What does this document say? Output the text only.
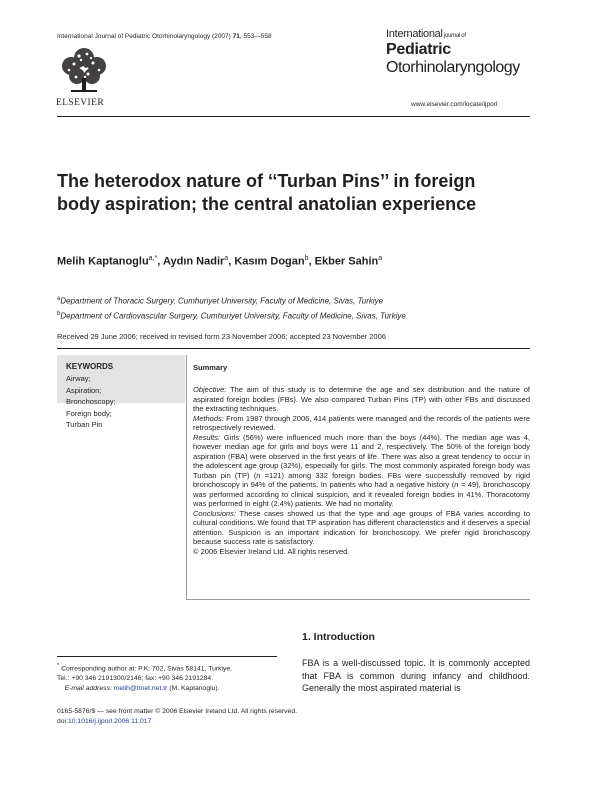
International Journal of Pediatric Otorhinolaryngology (2007) 71, 553—558
ELSEVIER
International journal of
Pediatric
Otorhinolaryngology
www.elsevier.com/locate/ijporl
The heterodox nature of ‘‘Turban Pins’’ in foreign body aspiration; the central anatolian experience
Melih Kaptanoglu$^{a,*}$, Aydın Nadir$^a$, Kasım Dogan$^b$, Ekber Sahin$^a$
$^a$Department of Thoracic Surgery, Cumhuriyet University, Faculty of Medicine, Sivas, Turkiye
$^b$Department of Cardiovascular Surgery, Cumhuriyet University, Faculty of Medicine, Sivas, Turkiye
Received 29 June 2006; received in revised form 23 November 2006; accepted 23 November 2006
KEYWORDS
Airway;
Aspiration;
Bronchoscopy;
Foreign body;
Turban Pin
Summary

Objective: The aim of this study is to determine the age and sex distribution and the nature of aspirated foreign bodies (FBs). We also compared Turban Pins (TP) with other FBs and discussed the extracting techniques.

Methods: From 1987 through 2006, 414 patients were managed and the records of the patients were retrospectively reviewed.

Results: Girls (56%) were influenced much more than the boys (44%). The median age was 4, however median age for girls and boys were 11 and 2, respectively. The 50% of the foreign body aspiration (FBA) were observed in the first years of life. There was also a great tendency to occur in the adolescent age group (32%), especially for girls. The most commonly aspirated foreign body was Turban pin (TP) (n =121) among 332 foreign bodies. FBs were successfully removed by rigid bronchoscopy in 94% of the patients. In patients who had a negative history (n = 49), bronchoscopy was performed according to clinical suspicion, and it revealed foreign bodies in 41%. Thoracotomy was performed in eight (2.4%) patients. We had no mortality.

Conclusions: These cases showed us that the type and age groups of FBA varies according to cultural conditions. We found that TP aspiration has different characteristics and it deserves a special attention. Suspicion is an important indication for bronchoscopy. We prefer rigid bronchoscopy because success rate is satisfactory.

© 2006 Elsevier Ireland Ltd. All rights reserved.

* Corresponding author at: P.K: 702, Sivas 58141, Turkiye.
Tel.: +90 346 2191300/2146; fax: +90 346 2191284.
E-mail address: melih@ttnet.net.tr (M. Kaptanoglu).
1. Introduction
FBA is a well-discussed topic. It is commonly accepted that FBA is common during infancy and childhood. Generally the most aspirated material is
0165-5876/$ — see front matter © 2006 Elsevier Ireland Ltd. All rights reserved.
doi:10.1016/j.ijporl.2006.11.017
